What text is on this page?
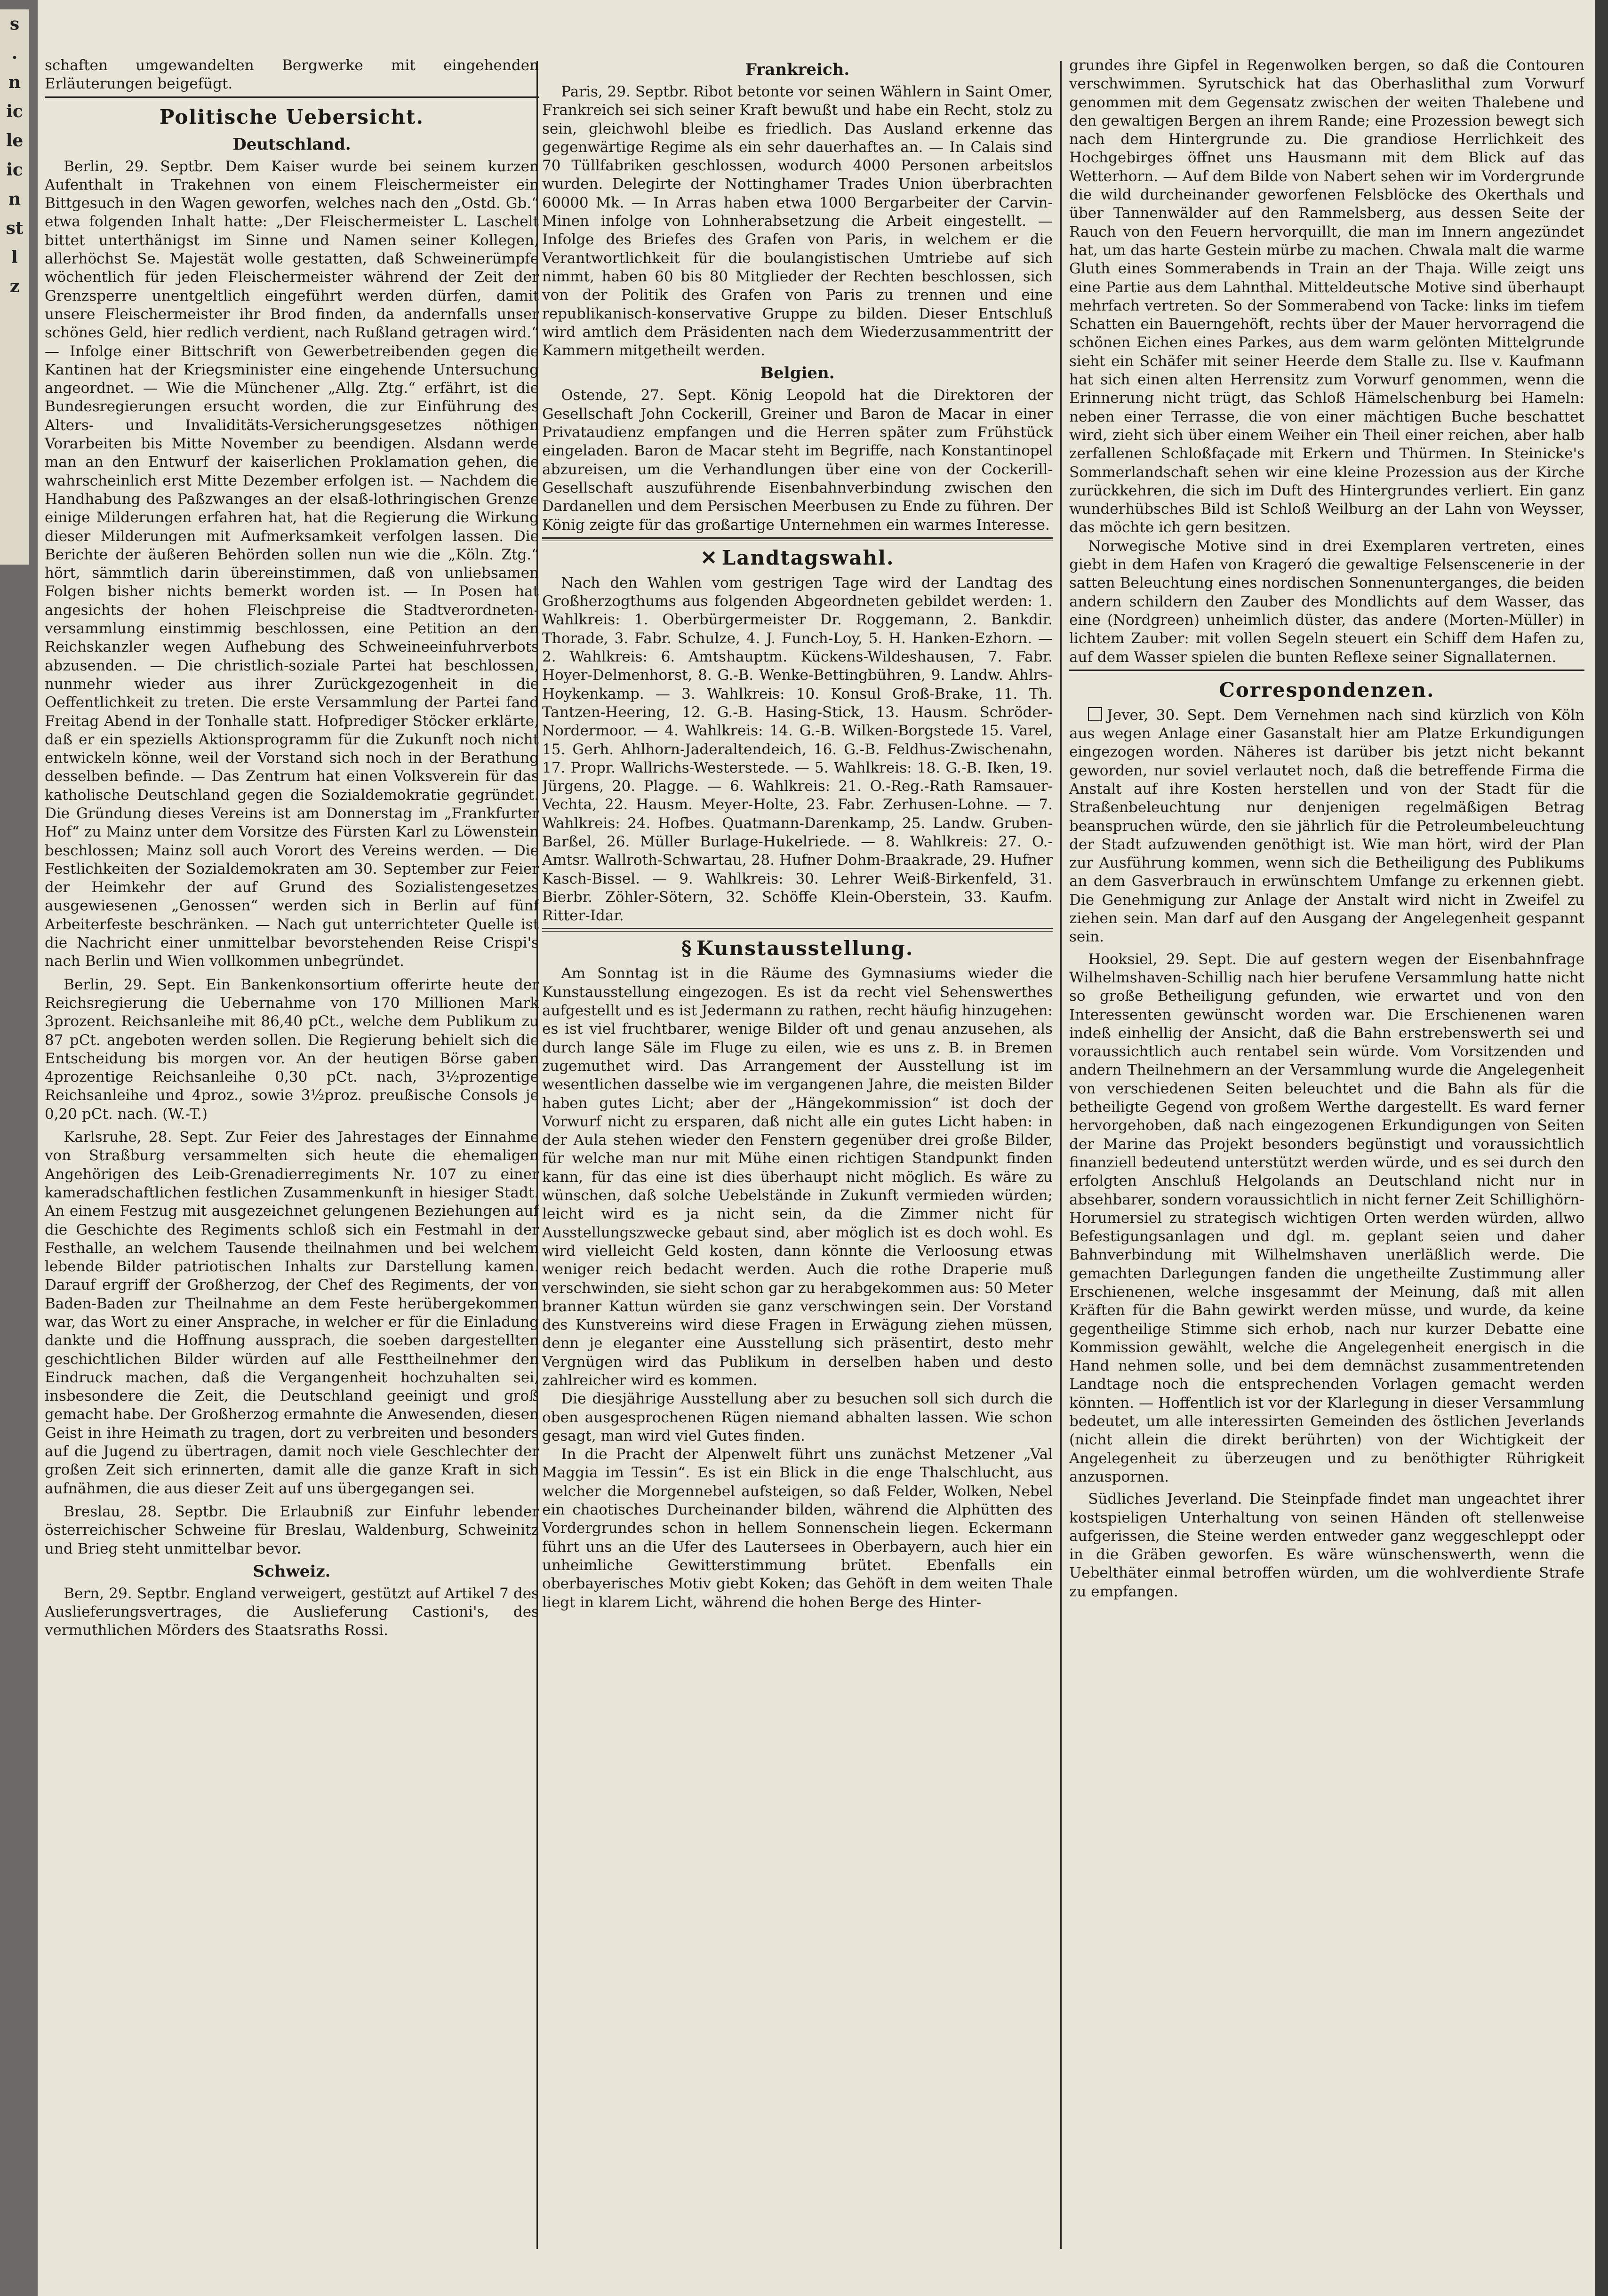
s
.
n
ic
le
ic
n
st
l
z

schaften umgewandelten Bergwerke mit eingehenden Erläuterungen beigefügt.

Politische Uebersicht.
Deutschland.

Berlin, 29. Septbr. Dem Kaiser wurde bei seinem kurzen Aufenthalt in Trakehnen von einem Fleischermeister ein Bittgesuch in den Wagen geworfen, welches nach den „Ostd. Gb.“ etwa folgenden Inhalt hatte: „Der Fleischermeister L. Laschelt bittet unterthänigst im Sinne und Namen seiner Kollegen, allerhöchst Se. Majestät wolle gestatten, daß Schweinerümpfe wöchentlich für jeden Fleischermeister während der Zeit der Grenzsperre unentgeltlich eingeführt werden dürfen, damit unsere Fleischermeister ihr Brod finden, da andernfalls unser schönes Geld, hier redlich verdient, nach Rußland getragen wird.“ — Infolge einer Bittschrift von Gewerbetreibenden gegen die Kantinen hat der Kriegsminister eine eingehende Untersuchung angeordnet. — Wie die Münchener „Allg. Ztg.“ erfährt, ist die Bundesregierungen ersucht worden, die zur Einführung des Alters- und Invaliditäts-Versicherungsgesetzes nöthigen Vorarbeiten bis Mitte November zu beendigen. Alsdann werde man an den Entwurf der kaiserlichen Proklamation gehen, die wahrscheinlich erst Mitte Dezember erfolgen ist. — Nachdem die Handhabung des Paßzwanges an der elsaß-lothringischen Grenze einige Milderungen erfahren hat, hat die Regierung die Wirkung dieser Milderungen mit Aufmerksamkeit verfolgen lassen. Die Berichte der äußeren Behörden sollen nun wie die „Köln. Ztg.“ hört, sämmtlich darin übereinstimmen, daß von unliebsamen Folgen bisher nichts bemerkt worden ist. — In Posen hat angesichts der hohen Fleischpreise die Stadtverordneten-versammlung einstimmig beschlossen, eine Petition an den Reichskanzler wegen Aufhebung des Schweineeinfuhrverbots abzusenden. — Die christlich-soziale Partei hat beschlossen, nunmehr wieder aus ihrer Zurückgezogenheit in die Oeffentlichkeit zu treten. Die erste Versammlung der Partei fand Freitag Abend in der Tonhalle statt. Hofprediger Stöcker erklärte, daß er ein speziells Aktionsprogramm für die Zukunft noch nicht entwickeln könne, weil der Vorstand sich noch in der Berathung desselben befinde. — Das Zentrum hat einen Volksverein für das katholische Deutschland gegen die Sozialdemokratie gegründet. Die Gründung dieses Vereins ist am Donnerstag im „Frankfurter Hof“ zu Mainz unter dem Vorsitze des Fürsten Karl zu Löwenstein beschlossen; Mainz soll auch Vorort des Vereins werden. — Die Festlichkeiten der Sozialdemokraten am 30. September zur Feier der Heimkehr der auf Grund des Sozialistengesetzes ausgewiesenen „Genossen“ werden sich in Berlin auf fünf Arbeiterfeste beschränken. — Nach gut unterrichteter Quelle ist die Nachricht einer unmittelbar bevorstehenden Reise Crispi's nach Berlin und Wien vollkommen unbegründet.

Berlin, 29. Sept. Ein Bankenkonsortium offerirte heute der Reichsregierung die Uebernahme von 170 Millionen Mark 3prozent. Reichsanleihe mit 86,40 pCt., welche dem Publikum zu 87 pCt. angeboten werden sollen. Die Regierung behielt sich die Entscheidung bis morgen vor. An der heutigen Börse gaben 4prozentige Reichsanleihe 0,30 pCt. nach, 3½prozentige Reichsanleihe und 4proz., sowie 3½proz. preußische Consols je 0,20 pCt. nach. (W.-T.)

Karlsruhe, 28. Sept. Zur Feier des Jahrestages der Einnahme von Straßburg versammelten sich heute die ehemaligen Angehörigen des Leib-Grenadierregiments Nr. 107 zu einer kameradschaftlichen festlichen Zusammenkunft in hiesiger Stadt. An einem Festzug mit ausgezeichnet gelungenen Beziehungen auf die Geschichte des Regiments schloß sich ein Festmahl in der Festhalle, an welchem Tausende theilnahmen und bei welchem lebende Bilder patriotischen Inhalts zur Darstellung kamen. Darauf ergriff der Großherzog, der Chef des Regiments, der von Baden-Baden zur Theilnahme an dem Feste herübergekommen war, das Wort zu einer Ansprache, in welcher er für die Einladung dankte und die Hoffnung aussprach, die soeben dargestellten geschichtlichen Bilder würden auf alle Festtheilnehmer den Eindruck machen, daß die Vergangenheit hochzuhalten sei, insbesondere die Zeit, die Deutschland geeinigt und groß gemacht habe. Der Großherzog ermahnte die Anwesenden, diesen Geist in ihre Heimath zu tragen, dort zu verbreiten und besonders auf die Jugend zu übertragen, damit noch viele Geschlechter der großen Zeit sich erinnerten, damit alle die ganze Kraft in sich aufnähmen, die aus dieser Zeit auf uns übergegangen sei.

Breslau, 28. Septbr. Die Erlaubniß zur Einfuhr lebender österreichischer Schweine für Breslau, Waldenburg, Schweinitz und Brieg steht unmittelbar bevor.

Schweiz.

Bern, 29. Septbr. England verweigert, gestützt auf Artikel 7 des Auslieferungsvertrages, die Auslieferung Castioni's, des vermuthlichen Mörders des Staatsraths Rossi.

Frankreich.

Paris, 29. Septbr. Ribot betonte vor seinen Wählern in Saint Omer, Frankreich sei sich seiner Kraft bewußt und habe ein Recht, stolz zu sein, gleichwohl bleibe es friedlich. Das Ausland erkenne das gegenwärtige Regime als ein sehr dauerhaftes an. — In Calais sind 70 Tüllfabriken geschlossen, wodurch 4000 Personen arbeitslos wurden. Delegirte der Nottinghamer Trades Union überbrachten 60000 Mk. — In Arras haben etwa 1000 Bergarbeiter der Carvin-Minen infolge von Lohnherabsetzung die Arbeit eingestellt. — Infolge des Briefes des Grafen von Paris, in welchem er die Verantwortlichkeit für die boulangistischen Umtriebe auf sich nimmt, haben 60 bis 80 Mitglieder der Rechten beschlossen, sich von der Politik des Grafen von Paris zu trennen und eine republikanisch-konservative Gruppe zu bilden. Dieser Entschluß wird amtlich dem Präsidenten nach dem Wiederzusammentritt der Kammern mitgetheilt werden.

Belgien.

Ostende, 27. Sept. König Leopold hat die Direktoren der Gesellschaft John Cockerill, Greiner und Baron de Macar in einer Privataudienz empfangen und die Herren später zum Frühstück eingeladen. Baron de Macar steht im Begriffe, nach Konstantinopel abzureisen, um die Verhandlungen über eine von der Cockerill-Gesellschaft auszuführende Eisenbahnverbindung zwischen den Dardanellen und dem Persischen Meerbusen zu Ende zu führen. Der König zeigte für das großartige Unternehmen ein warmes Interesse.

✕ Landtagswahl.

Nach den Wahlen vom gestrigen Tage wird der Landtag des Großherzogthums aus folgenden Abgeordneten gebildet werden: 1. Wahlkreis: 1. Oberbürgermeister Dr. Roggemann, 2. Bankdir. Thorade, 3. Fabr. Schulze, 4. J. Funch-Loy, 5. H. Hanken-Ezhorn. — 2. Wahlkreis: 6. Amtshauptm. Kückens-Wildeshausen, 7. Fabr. Hoyer-Delmenhorst, 8. G.-B. Wenke-Bettingbühren, 9. Landw. Ahlrs-Hoykenkamp. — 3. Wahlkreis: 10. Konsul Groß-Brake, 11. Th. Tantzen-Heering, 12. G.-B. Hasing-Stick, 13. Hausm. Schröder-Nordermoor. — 4. Wahlkreis: 14. G.-B. Wilken-Borgstede 15. Varel, 15. Gerh. Ahlhorn-Jaderaltendeich, 16. G.-B. Feldhus-Zwischenahn, 17. Propr. Wallrichs-Westerstede. — 5. Wahlkreis: 18. G.-B. Iken, 19. Jürgens, 20. Plagge. — 6. Wahlkreis: 21. O.-Reg.-Rath Ramsauer-Vechta, 22. Hausm. Meyer-Holte, 23. Fabr. Zerhusen-Lohne. — 7. Wahlkreis: 24. Hofbes. Quatmann-Darenkamp, 25. Landw. Gruben-Barßel, 26. Müller Burlage-Hukelriede. — 8. Wahlkreis: 27. O.-Amtsr. Wallroth-Schwartau, 28. Hufner Dohm-Braakrade, 29. Hufner Kasch-Bissel. — 9. Wahlkreis: 30. Lehrer Weiß-Birkenfeld, 31. Bierbr. Zöhler-Sötern, 32. Schöffe Klein-Oberstein, 33. Kaufm. Ritter-Idar.

§ Kunstausstellung.

Am Sonntag ist in die Räume des Gymnasiums wieder die Kunstausstellung eingezogen. Es ist da recht viel Sehenswerthes aufgestellt und es ist Jedermann zu rathen, recht häufig hinzugehen: es ist viel fruchtbarer, wenige Bilder oft und genau anzusehen, als durch lange Säle im Fluge zu eilen, wie es uns z. B. in Bremen zugemuthet wird. Das Arrangement der Ausstellung ist im wesentlichen dasselbe wie im vergangenen Jahre, die meisten Bilder haben gutes Licht; aber der „Hängekommission“ ist doch der Vorwurf nicht zu ersparen, daß nicht alle ein gutes Licht haben: in der Aula stehen wieder den Fenstern gegenüber drei große Bilder, für welche man nur mit Mühe einen richtigen Standpunkt finden kann, für das eine ist dies überhaupt nicht möglich. Es wäre zu wünschen, daß solche Uebelstände in Zukunft vermieden würden; leicht wird es ja nicht sein, da die Zimmer nicht für Ausstellungszwecke gebaut sind, aber möglich ist es doch wohl. Es wird vielleicht Geld kosten, dann könnte die Verloosung etwas weniger reich bedacht werden. Auch die rothe Draperie muß verschwinden, sie sieht schon gar zu herabgekommen aus: 50 Meter branner Kattun würden sie ganz verschwingen sein. Der Vorstand des Kunstvereins wird diese Fragen in Erwägung ziehen müssen, denn je eleganter eine Ausstellung sich präsentirt, desto mehr Vergnügen wird das Publikum in derselben haben und desto zahlreicher wird es kommen.

Die diesjährige Ausstellung aber zu besuchen soll sich durch die oben ausgesprochenen Rügen niemand abhalten lassen. Wie schon gesagt, man wird viel Gutes finden.

In die Pracht der Alpenwelt führt uns zunächst Metzener „Val Maggia im Tessin“. Es ist ein Blick in die enge Thalschlucht, aus welcher die Morgennebel aufsteigen, so daß Felder, Wolken, Nebel ein chaotisches Durcheinander bilden, während die Alphütten des Vordergrundes schon in hellem Sonnenschein liegen. Eckermann führt uns an die Ufer des Lautersees in Oberbayern, auch hier ein unheimliche Gewitterstimmung brütet. Ebenfalls ein oberbayerisches Motiv giebt Koken; das Gehöft in dem weiten Thale liegt in klarem Licht, während die hohen Berge des Hinter-

grundes ihre Gipfel in Regenwolken bergen, so daß die Contouren verschwimmen. Syrutschick hat das Oberhaslithal zum Vorwurf genommen mit dem Gegensatz zwischen der weiten Thalebene und den gewaltigen Bergen an ihrem Rande; eine Prozession bewegt sich nach dem Hintergrunde zu. Die grandiose Herrlichkeit des Hochgebirges öffnet uns Hausmann mit dem Blick auf das Wetterhorn. — Auf dem Bilde von Nabert sehen wir im Vordergrunde die wild durcheinander geworfenen Felsblöcke des Okerthals und über Tannenwälder auf den Rammelsberg, aus dessen Seite der Rauch von den Feuern hervorquillt, die man im Innern angezündet hat, um das harte Gestein mürbe zu machen. Chwala malt die warme Gluth eines Sommerabends in Train an der Thaja. Wille zeigt uns eine Partie aus dem Lahnthal. Mitteldeutsche Motive sind überhaupt mehrfach vertreten. So der Sommerabend von Tacke: links im tiefem Schatten ein Bauerngehöft, rechts über der Mauer hervorragend die schönen Eichen eines Parkes, aus dem warm gelönten Mittelgrunde sieht ein Schäfer mit seiner Heerde dem Stalle zu. Ilse v. Kaufmann hat sich einen alten Herrensitz zum Vorwurf genommen, wenn die Erinnerung nicht trügt, das Schloß Hämelschenburg bei Hameln: neben einer Terrasse, die von einer mächtigen Buche beschattet wird, zieht sich über einem Weiher ein Theil einer reichen, aber halb zerfallenen Schloßfaçade mit Erkern und Thürmen. In Steinicke's Sommerlandschaft sehen wir eine kleine Prozession aus der Kirche zurückkehren, die sich im Duft des Hintergrundes verliert. Ein ganz wunderhübsches Bild ist Schloß Weilburg an der Lahn von Weysser, das möchte ich gern besitzen.

Norwegische Motive sind in drei Exemplaren vertreten, eines giebt in dem Hafen von Krageró die gewaltige Felsenscenerie in der satten Beleuchtung eines nordischen Sonnenunterganges, die beiden andern schildern den Zauber des Mondlichts auf dem Wasser, das eine (Nordgreen) unheimlich düster, das andere (Morten-Müller) in lichtem Zauber: mit vollen Segeln steuert ein Schiff dem Hafen zu, auf dem Wasser spielen die bunten Reflexe seiner Signallaternen.

Correspondenzen.

Jever, 30. Sept. Dem Vernehmen nach sind kürzlich von Köln aus wegen Anlage einer Gasanstalt hier am Platze Erkundigungen eingezogen worden. Näheres ist darüber bis jetzt nicht bekannt geworden, nur soviel verlautet noch, daß die betreffende Firma die Anstalt auf ihre Kosten herstellen und von der Stadt für die Straßenbeleuchtung nur denjenigen regelmäßigen Betrag beanspruchen würde, den sie jährlich für die Petroleumbeleuchtung der Stadt aufzuwenden genöthigt ist. Wie man hört, wird der Plan zur Ausführung kommen, wenn sich die Betheiligung des Publikums an dem Gasverbrauch in erwünschtem Umfange zu erkennen giebt. Die Genehmigung zur Anlage der Anstalt wird nicht in Zweifel zu ziehen sein. Man darf auf den Ausgang der Angelegenheit gespannt sein.

Hooksiel, 29. Sept. Die auf gestern wegen der Eisenbahnfrage Wilhelmshaven-Schillig nach hier berufene Versammlung hatte nicht so große Betheiligung gefunden, wie erwartet und von den Interessenten gewünscht worden war. Die Erschienenen waren indeß einhellig der Ansicht, daß die Bahn erstrebenswerth sei und voraussichtlich auch rentabel sein würde. Vom Vorsitzenden und andern Theilnehmern an der Versammlung wurde die Angelegenheit von verschiedenen Seiten beleuchtet und die Bahn als für die betheiligte Gegend von großem Werthe dargestellt. Es ward ferner hervorgehoben, daß nach eingezogenen Erkundigungen von Seiten der Marine das Projekt besonders begünstigt und voraussichtlich finanziell bedeutend unterstützt werden würde, und es sei durch den erfolgten Anschluß Helgolands an Deutschland nicht nur in absehbarer, sondern voraussichtlich in nicht ferner Zeit Schillighörn-Horumersiel zu strategisch wichtigen Orten werden würden, allwo Befestigungsanlagen und dgl. m. geplant seien und daher Bahnverbindung mit Wilhelmshaven unerläßlich werde. Die gemachten Darlegungen fanden die ungetheilte Zustimmung aller Erschienenen, welche insgesammt der Meinung, daß mit allen Kräften für die Bahn gewirkt werden müsse, und wurde, da keine gegentheilige Stimme sich erhob, nach nur kurzer Debatte eine Kommission gewählt, welche die Angelegenheit energisch in die Hand nehmen solle, und bei dem demnächst zusammentretenden Landtage noch die entsprechenden Vorlagen gemacht werden könnten. — Hoffentlich ist vor der Klarlegung in dieser Versammlung bedeutet, um alle interessirten Gemeinden des östlichen Jeverlands (nicht allein die direkt berührten) von der Wichtigkeit der Angelegenheit zu überzeugen und zu benöthigter Rührigkeit anzuspornen.

Südliches Jeverland. Die Steinpfade findet man ungeachtet ihrer kostspieligen Unterhaltung von seinen Händen oft stellenweise aufgerissen, die Steine werden entweder ganz weggeschleppt oder in die Gräben geworfen. Es wäre wünschenswerth, wenn die Uebelthäter einmal betroffen würden, um die wohlverdiente Strafe zu empfangen.
